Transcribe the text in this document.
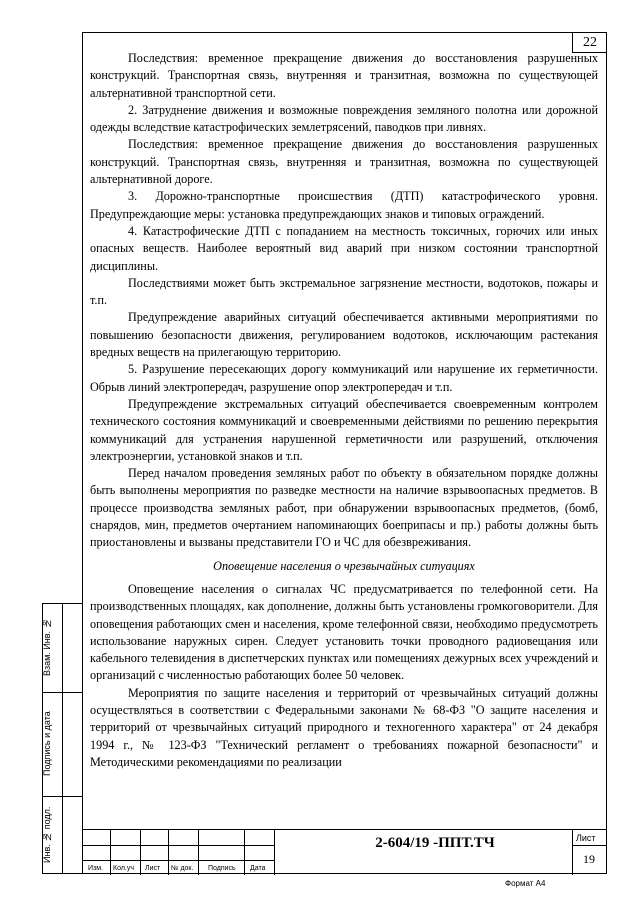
22

Последствия: временное прекращение движения до восстановления разрушенных конструкций. Транспортная связь, внутренняя и транзитная, возможна по существующей альтернативной транспортной сети.

2. Затруднение движения и возможные повреждения земляного полотна или дорожной одежды вследствие катастрофических землетрясений, паводков при ливнях.

Последствия: временное прекращение движения до восстановления разрушенных конструкций. Транспортная связь, внутренняя и транзитная, возможна по существующей альтернативной дороге.

3. Дорожно-транспортные происшествия (ДТП) катастрофического уровня. Предупреждающие меры: установка предупреждающих знаков и типовых ограждений.

4. Катастрофические ДТП с попаданием на местность токсичных, горючих или иных опасных веществ. Наиболее вероятный вид аварий при низком состоянии транспортной дисциплины.

Последствиями может быть экстремальное загрязнение местности, водотоков, пожары и т.п.

Предупреждение аварийных ситуаций обеспечивается активными мероприятиями по повышению безопасности движения, регулированием водотоков, исключающим растекания вредных веществ на прилегающую территорию.

5. Разрушение пересекающих дорогу коммуникаций или нарушение их герметичности. Обрыв линий электропередач, разрушение опор электропередач и т.п.

Предупреждение экстремальных ситуаций обеспечивается своевременным контролем технического состояния коммуникаций и своевременными действиями по решению перекрытия коммуникаций для устранения нарушенной герметичности или разрушений, отключения электроэнергии, установкой знаков и т.п.

Перед началом проведения земляных работ по объекту в обязательном порядке должны быть выполнены мероприятия по разведке местности на наличие взрывоопасных предметов. В процессе производства земляных работ, при обнаружении взрывоопасных предметов, (бомб, снарядов, мин, предметов очертанием напоминающих боеприпасы и пр.) работы должны быть приостановлены и вызваны представители ГО и ЧС для обезвреживания.

Оповещение населения о чрезвычайных ситуациях

Оповещение населения о сигналах ЧС предусматривается по телефонной сети. На производственных площадях, как дополнение, должны быть установлены громкоговорители. Для оповещения работающих смен и населения, кроме телефонной связи, необходимо предусмотреть использование наружных сирен. Следует установить точки проводного радиовещания или кабельного телевидения в диспетчерских пунктах или помещениях дежурных всех учреждений и организаций с численностью работающих более 50 человек.

Мероприятия по защите населения и территорий от чрезвычайных ситуаций должны осуществляться в соответствии с Федеральными законами № 68-ФЗ "О защите населения и территорий от чрезвычайных ситуаций природного и техногенного характера" от 24 декабря 1994 г., № 123-ФЗ "Технический регламент о требованиях пожарной безопасности" и Методическими рекомендациями по реализации

Взам. Инв. №
Подпись и дата
Инв. № подл.
Изм. Кол.уч Лист № док. Подпись Дата
2-604/19 -ППТ.ТЧ	Лист
19
Формат А4
